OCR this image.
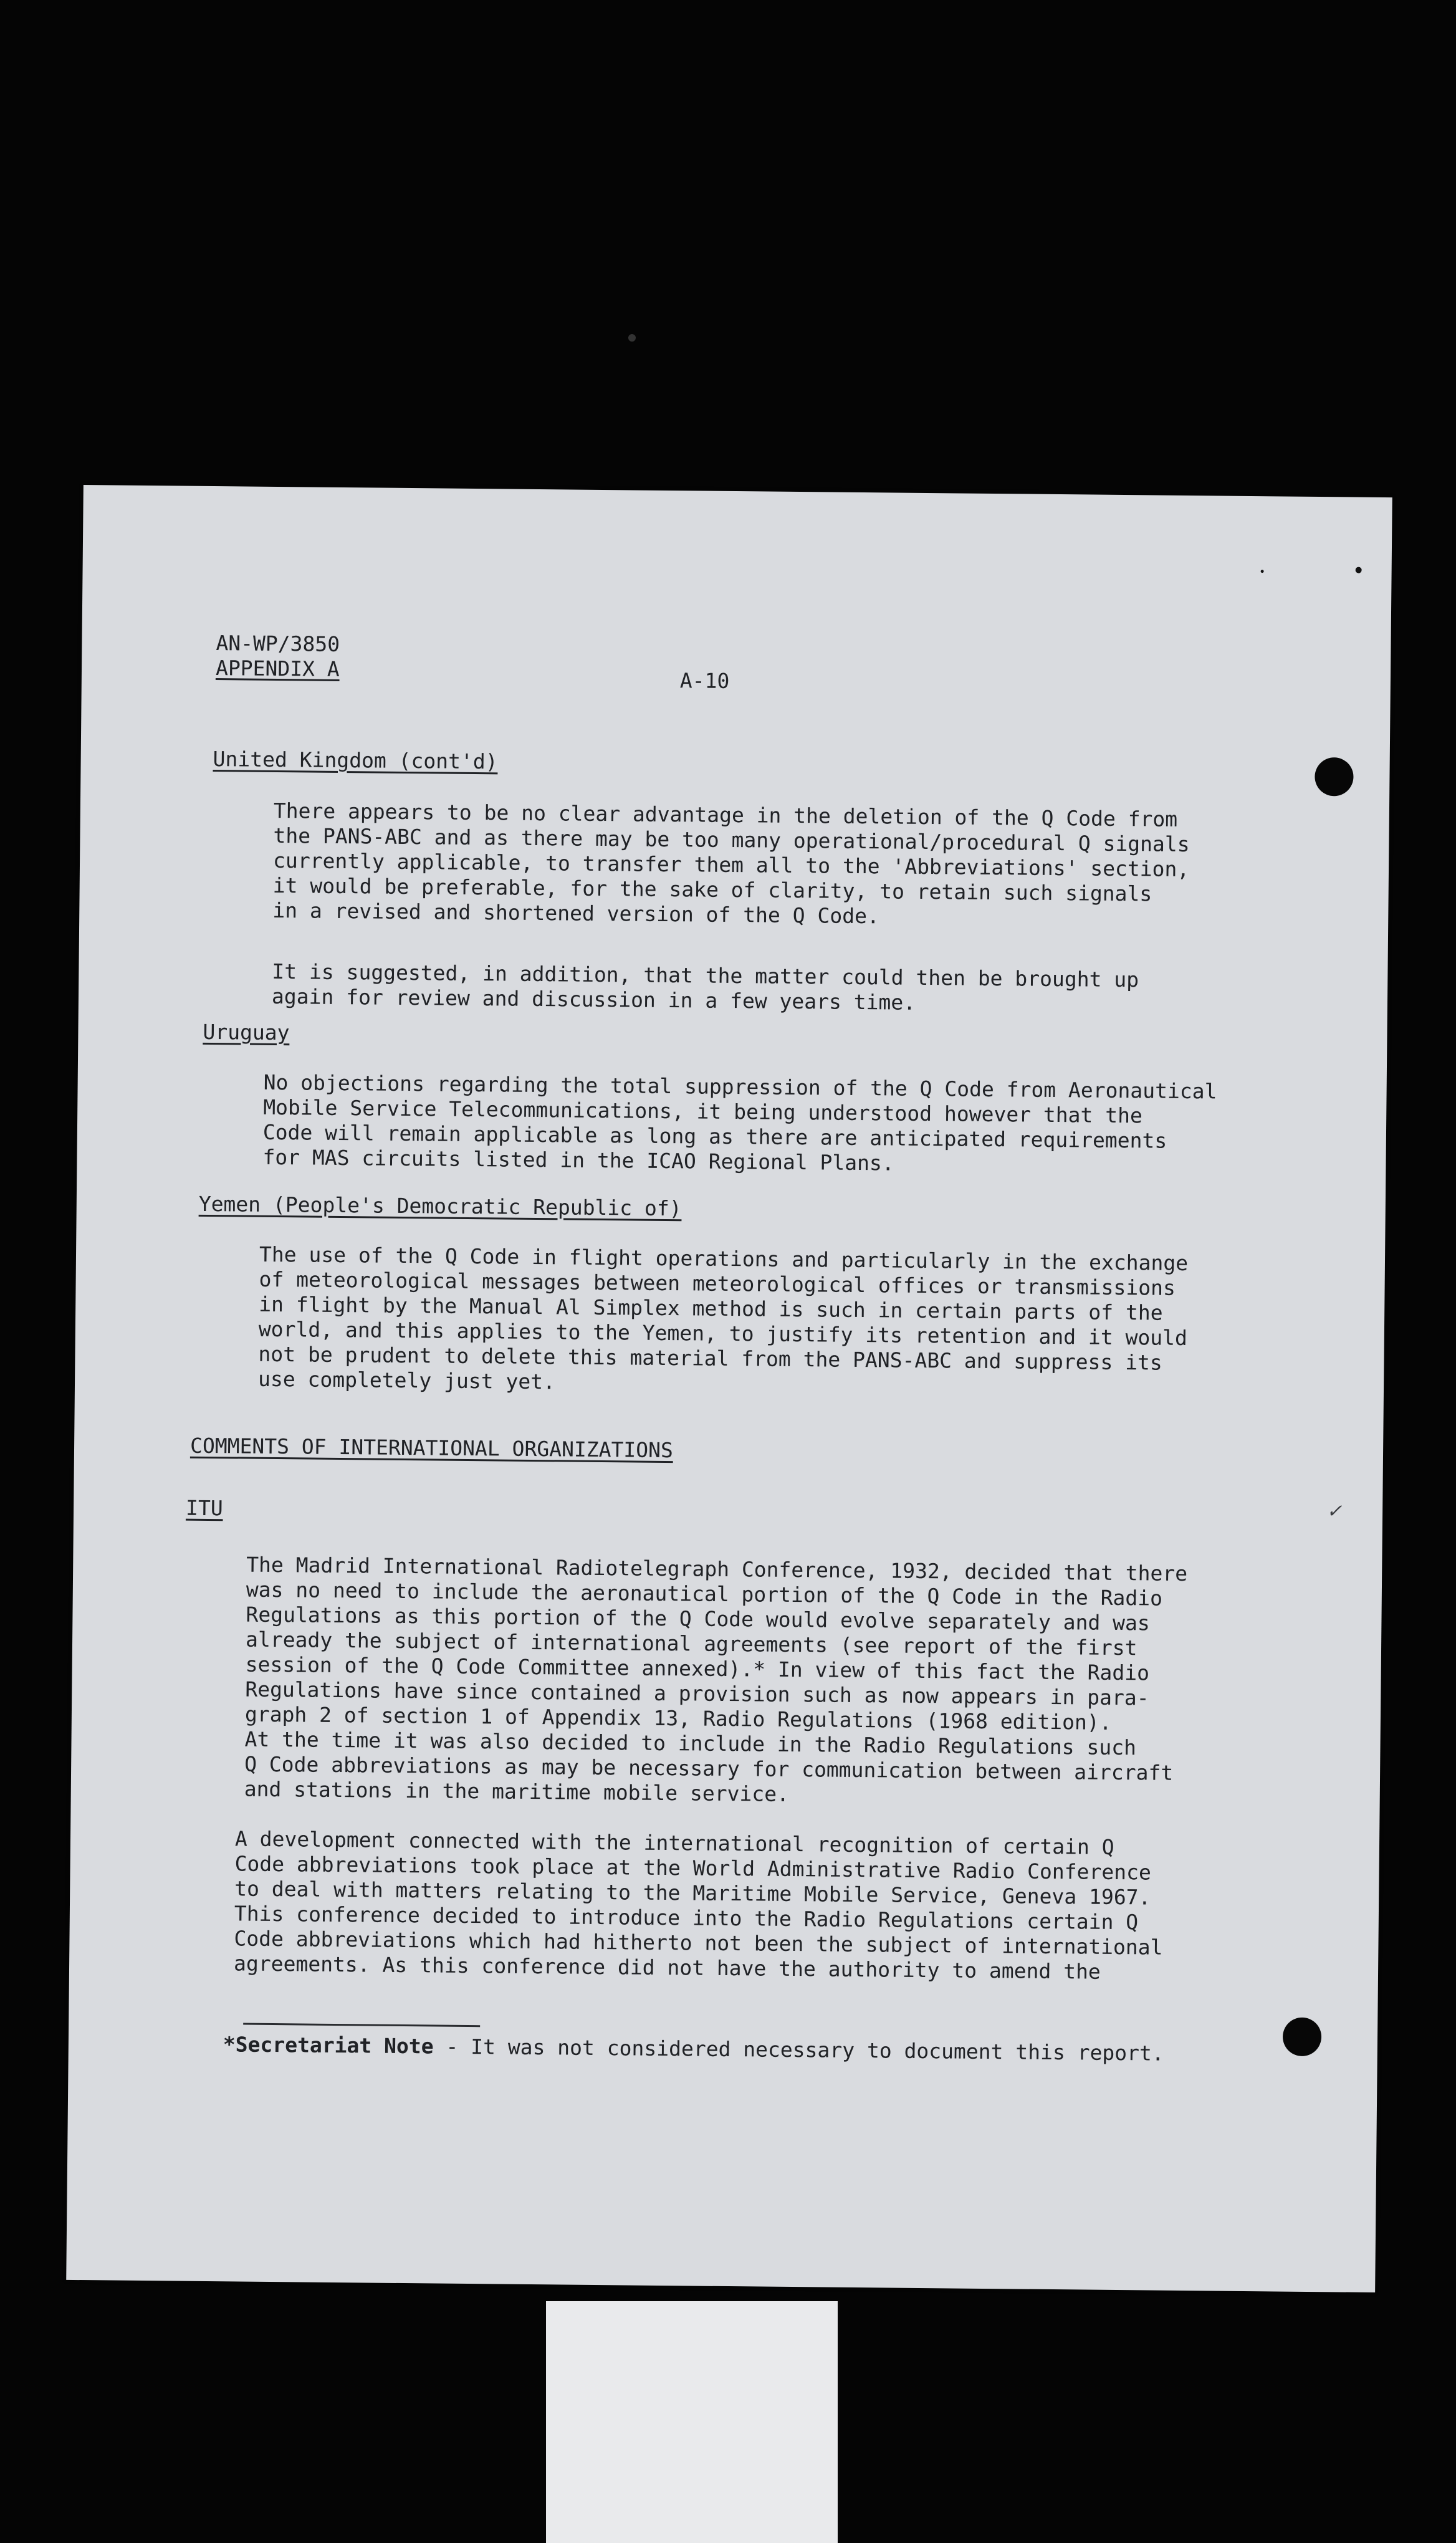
AN-WP/3850
APPENDIX A	A-10
United Kingdom (cont'd)
There appears to be no clear advantage in the deletion of the Q Code from
the PANS-ABC and as there may be too many operational/procedural Q signals
currently applicable, to transfer them all to the 'Abbreviations' section,
it would be preferable, for the sake of clarity, to retain such signals
in a revised and shortened version of the Q Code.
It is suggested, in addition, that the matter could then be brought up
again for review and discussion in a few years time.
Uruguay
No objections regarding the total suppression of the Q Code from Aeronautical
Mobile Service Telecommunications, it being understood however that the
Code will remain applicable as long as there are anticipated requirements
for MAS circuits listed in the ICAO Regional Plans.
Yemen (People's Democratic Republic of)
The use of the Q Code in flight operations and particularly in the exchange
of meteorological messages between meteorological offices or transmissions
in flight by the Manual Al Simplex method is such in certain parts of the
world, and this applies to the Yemen, to justify its retention and it would
not be prudent to delete this material from the PANS-ABC and suppress its
use completely just yet.
COMMENTS OF INTERNATIONAL ORGANIZATIONS
ITU
The Madrid International Radiotelegraph Conference, 1932, decided that there
was no need to include the aeronautical portion of the Q Code in the Radio
Regulations as this portion of the Q Code would evolve separately and was
already the subject of international agreements (see report of the first
session of the Q Code Committee annexed).* In view of this fact the Radio
Regulations have since contained a provision such as now appears in para-
graph 2 of section 1 of Appendix 13, Radio Regulations (1968 edition).
At the time it was also decided to include in the Radio Regulations such
Q Code abbreviations as may be necessary for communication between aircraft
and stations in the maritime mobile service.
A development connected with the international recognition of certain Q
Code abbreviations took place at the World Administrative Radio Conference
to deal with matters relating to the Maritime Mobile Service, Geneva 1967.
This conference decided to introduce into the Radio Regulations certain Q
Code abbreviations which had hitherto not been the subject of international
agreements. As this conference did not have the authority to amend the
*Secretariat Note - It was not considered necessary to document this report.
✓
